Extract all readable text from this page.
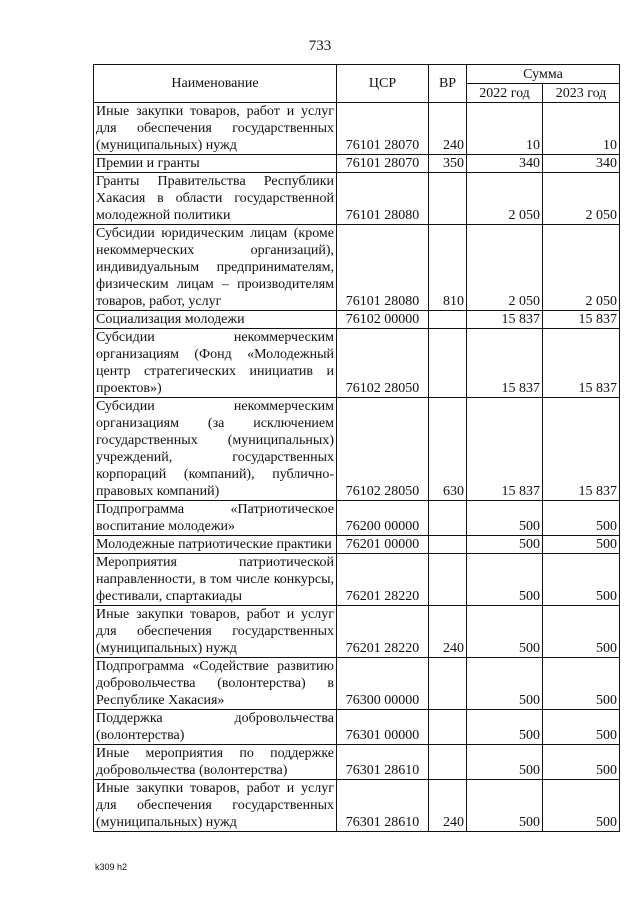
733
Наименование	ЦСР	ВР	Сумма	
			2022 год	2023 год
Иные закупки товаров, работ и услуг для обеспечения государственных (муниципальных) нужд	76101 28070	240	10	10
Премии и гранты	76101 28070	350	340	340
Гранты Правительства Республики Хакасия в области государственной молодежной политики	76101 28080		2 050	2 050
Субсидии юридическим лицам (кроме некоммерческих организаций), индивидуальным предпринимателям, физическим лицам – производителям товаров, работ, услуг	76101 28080	810	2 050	2 050
Социализация молодежи	76102 00000		15 837	15 837
Субсидии некоммерческим организациям (Фонд «Молодежный центр стратегических инициатив и проектов»)	76102 28050		15 837	15 837
Субсидии некоммерческим организациям (за исключением государственных (муниципальных) учреждений, государственных корпораций (компаний), публично-правовых компаний)	76102 28050	630	15 837	15 837
Подпрограмма «Патриотическое воспитание молодежи»	76200 00000		500	500
Молодежные патриотические практики	76201 00000		500	500
Мероприятия патриотической направленности, в том числе конкурсы, фестивали, спартакиады	76201 28220		500	500
Иные закупки товаров, работ и услуг для обеспечения государственных (муниципальных) нужд	76201 28220	240	500	500
Подпрограмма «Содействие развитию добровольчества (волонтерства) в Республике Хакасия»	76300 00000		500	500
Поддержка добровольчества (волонтерства)	76301 00000		500	500
Иные мероприятия по поддержке добровольчества (волонтерства)	76301 28610		500	500
Иные закупки товаров, работ и услуг для обеспечения государственных (муниципальных) нужд	76301 28610	240	500	500
k309 h2
